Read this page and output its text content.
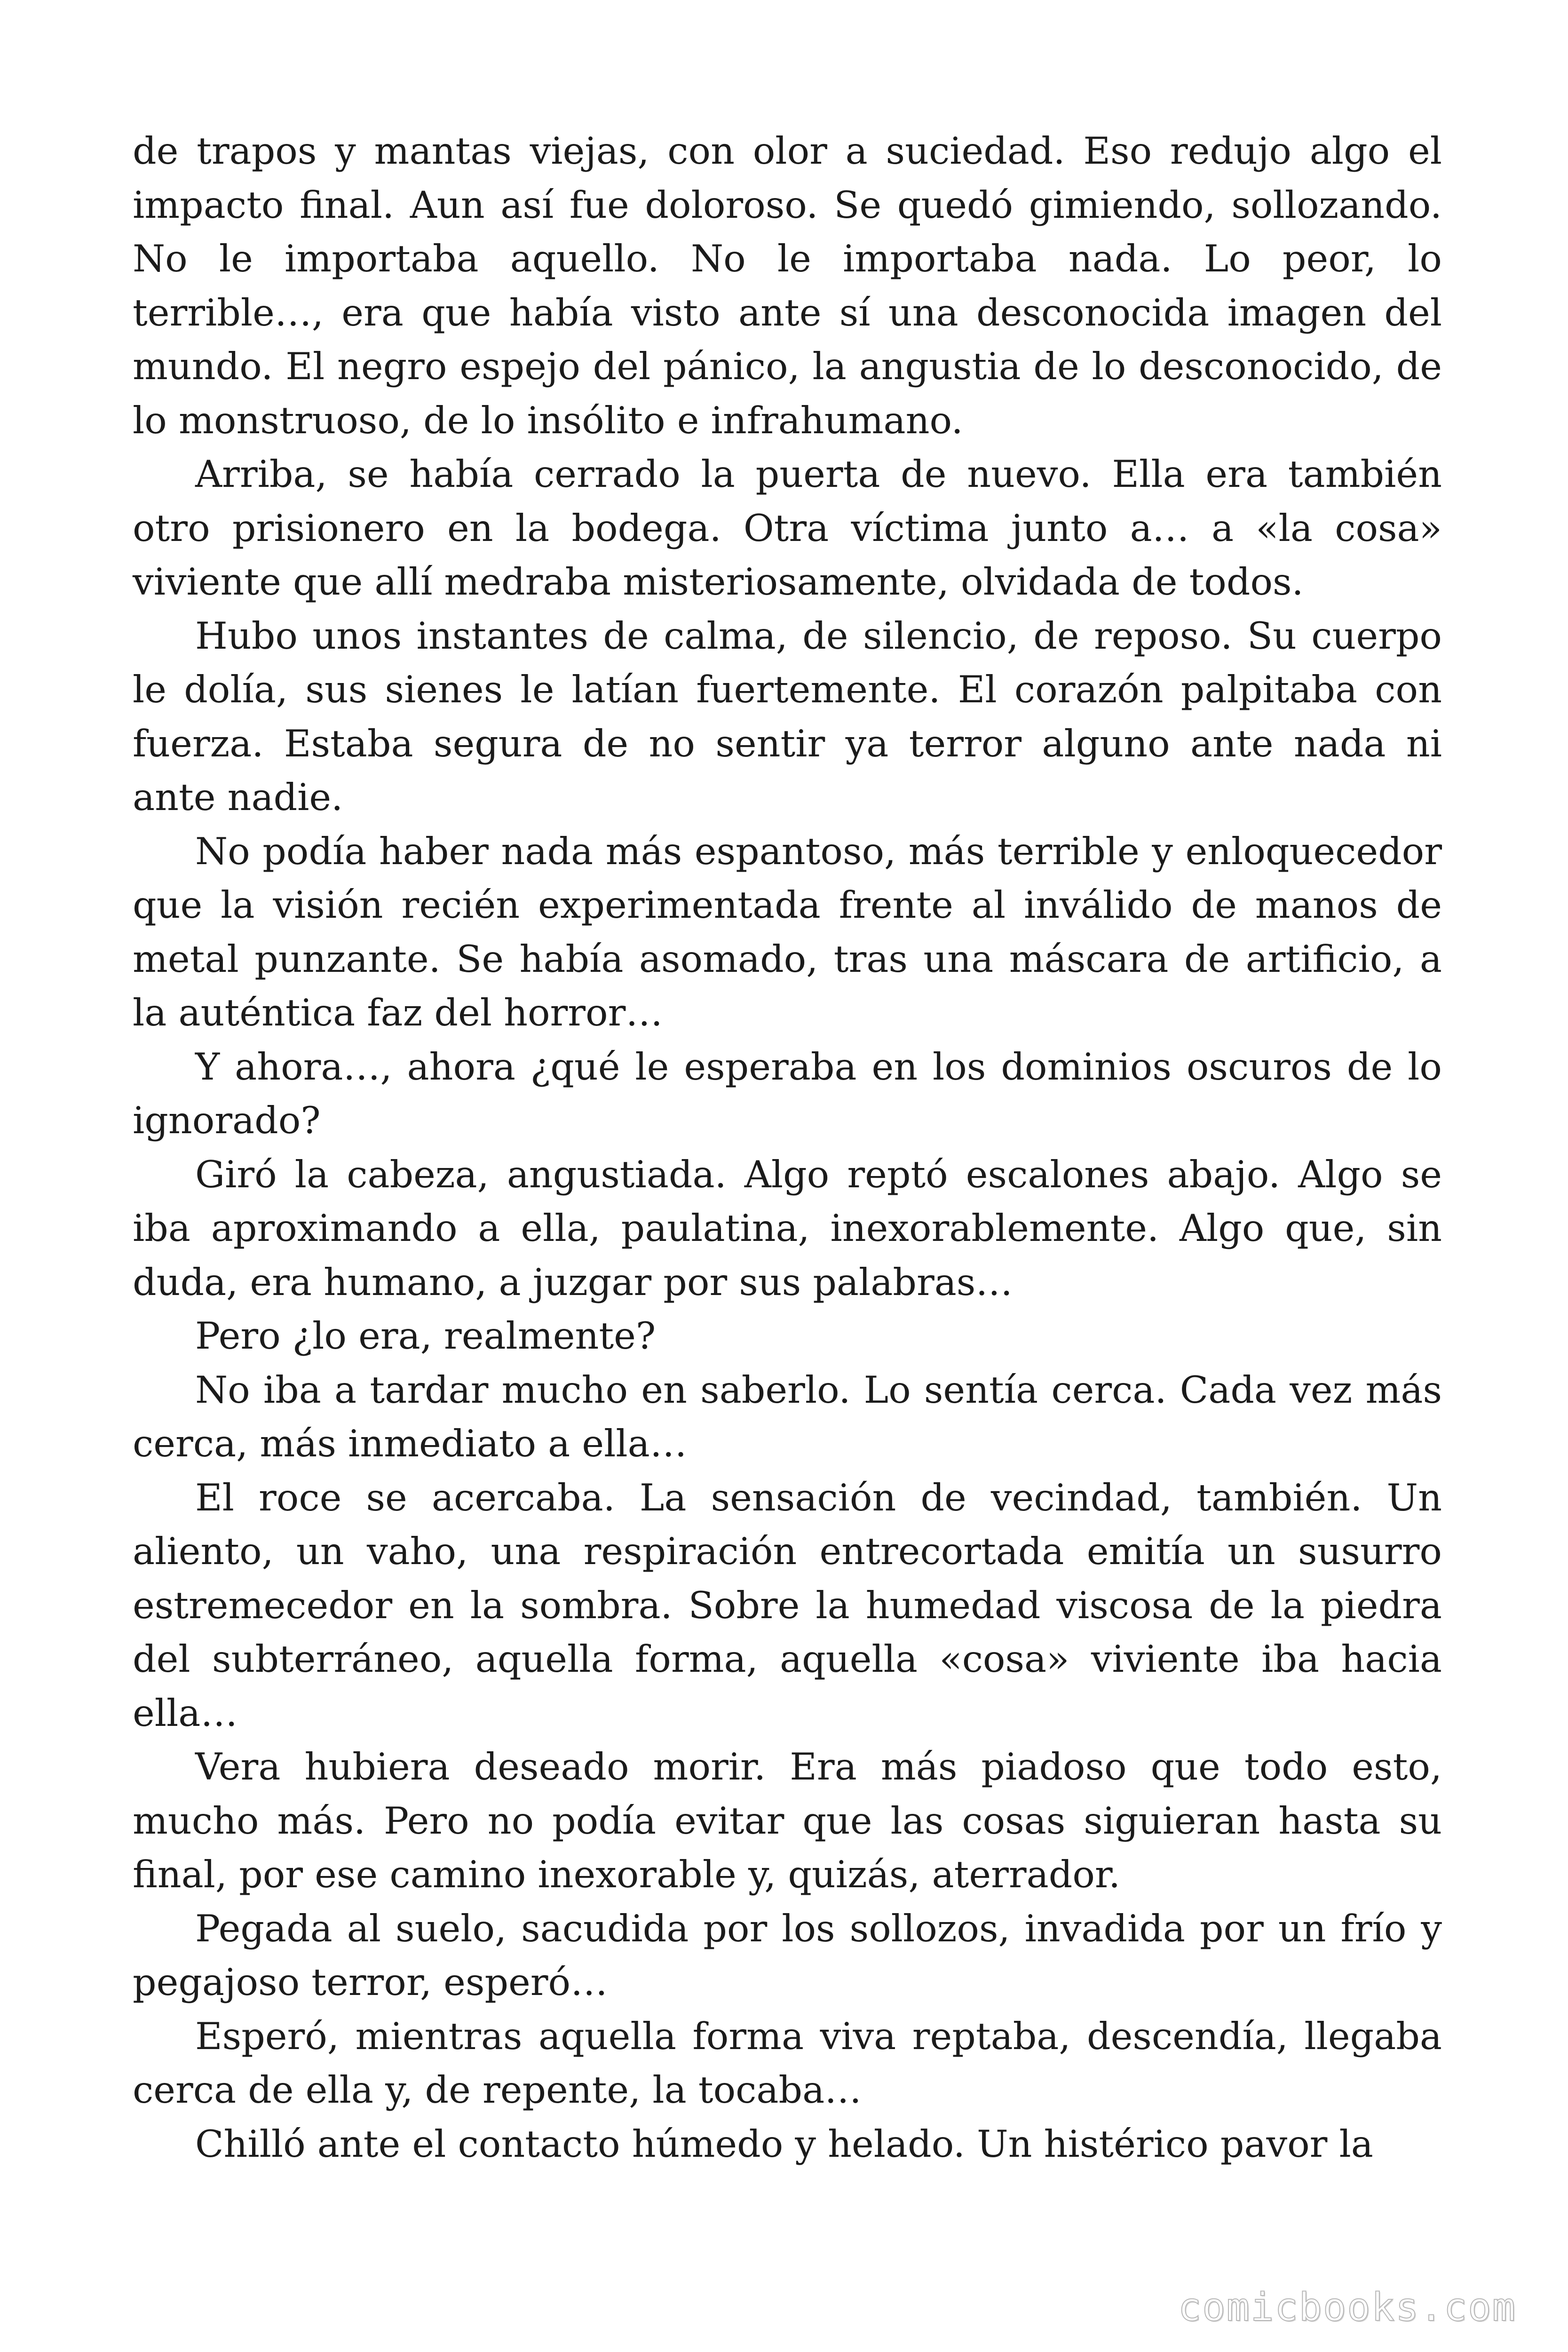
de trapos y mantas viejas, con olor a suciedad. Eso redujo algo el impacto final. Aun así fue doloroso. Se quedó gimiendo, sollozando. No le importaba aquello. No le importaba nada. Lo peor, lo terrible…, era que había visto ante sí una desconocida imagen del mundo. El negro espejo del pánico, la angustia de lo desconocido, de lo monstruoso, de lo insólito e infrahumano.

Arriba, se había cerrado la puerta de nuevo. Ella era también otro prisionero en la bodega. Otra víctima junto a… a «la cosa» viviente que allí medraba misteriosamente, olvidada de todos.

Hubo unos instantes de calma, de silencio, de reposo. Su cuerpo le dolía, sus sienes le latían fuertemente. El corazón palpitaba con fuerza. Estaba segura de no sentir ya terror alguno ante nada ni ante nadie.

No podía haber nada más espantoso, más terrible y enloquecedor que la visión recién experimentada frente al inválido de manos de metal punzante. Se había asomado, tras una máscara de artificio, a la auténtica faz del horror…

Y ahora…, ahora ¿qué le esperaba en los dominios oscuros de lo ignorado?

Giró la cabeza, angustiada. Algo reptó escalones abajo. Algo se iba aproximando a ella, paulatina, inexorablemente. Algo que, sin duda, era humano, a juzgar por sus palabras…

Pero ¿lo era, realmente?

No iba a tardar mucho en saberlo. Lo sentía cerca. Cada vez más cerca, más inmediato a ella…

El roce se acercaba. La sensación de vecindad, también. Un aliento, un vaho, una respiración entrecortada emitía un susurro estremecedor en la sombra. Sobre la humedad viscosa de la piedra del subterráneo, aquella forma, aquella «cosa» viviente iba hacia ella…

Vera hubiera deseado morir. Era más piadoso que todo esto, mucho más. Pero no podía evitar que las cosas siguieran hasta su final, por ese camino inexorable y, quizás, aterrador.

Pegada al suelo, sacudida por los sollozos, invadida por un frío y pegajoso terror, esperó…

Esperó, mientras aquella forma viva reptaba, descendía, llegaba cerca de ella y, de repente, la tocaba…

Chilló ante el contacto húmedo y helado. Un histérico pavor la

comicbooks.com
